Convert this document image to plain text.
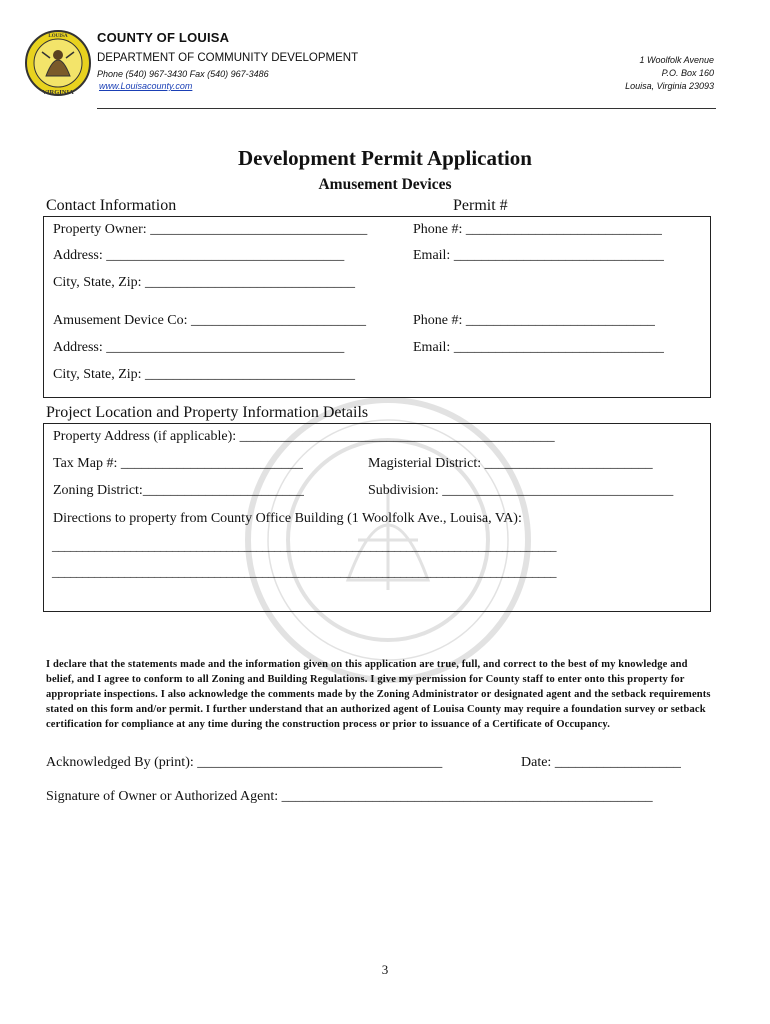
VIRGINIA
LOUISA COUNTY OF LOUISA
DEPARTMENT OF COMMUNITY DEVELOPMENT
Phone (540) 967-3430 Fax (540) 967-3486
www.Louisacounty.com
1 Woolfolk Avenue
P.O. Box 160
Louisa, Virginia 23093
Development Permit Application
Amusement Devices
Contact Information	Permit #
Property Owner: _______________________________	Phone #: ____________________________
Address: __________________________________	Email: ______________________________
City, State, Zip: ______________________________
Amusement Device Co: _________________________	Phone #: ___________________________
Address: __________________________________	Email: ______________________________
City, State, Zip: ______________________________
Project Location and Property Information Details
Property Address (if applicable): _____________________________________________
Tax Map #: __________________________	Magisterial District: ________________________
Zoning District:_______________________	Subdivision: _________________________________
Directions to property from County Office Building (1 Woolfolk Ave., Louisa, VA):
____________________________________________________________________________________
____________________________________________________________________________________
I declare that the statements made and the information given on this application are true, full, and correct to the best of my knowledge and belief, and I agree to conform to all Zoning and Building Regulations. I give my permission for County staff to enter onto this property for appropriate inspections. I also acknowledge the comments made by the Zoning Administrator or designated agent and the setback requirements stated on this form and/or permit. I further understand that an authorized agent of Louisa County may require a foundation survey or setback certification for compliance at any time during the construction process or prior to issuance of a Certificate of Occupancy.
Acknowledged By (print): ___________________________________	Date: __________________
Signature of Owner or Authorized Agent: _____________________________________________________
3
